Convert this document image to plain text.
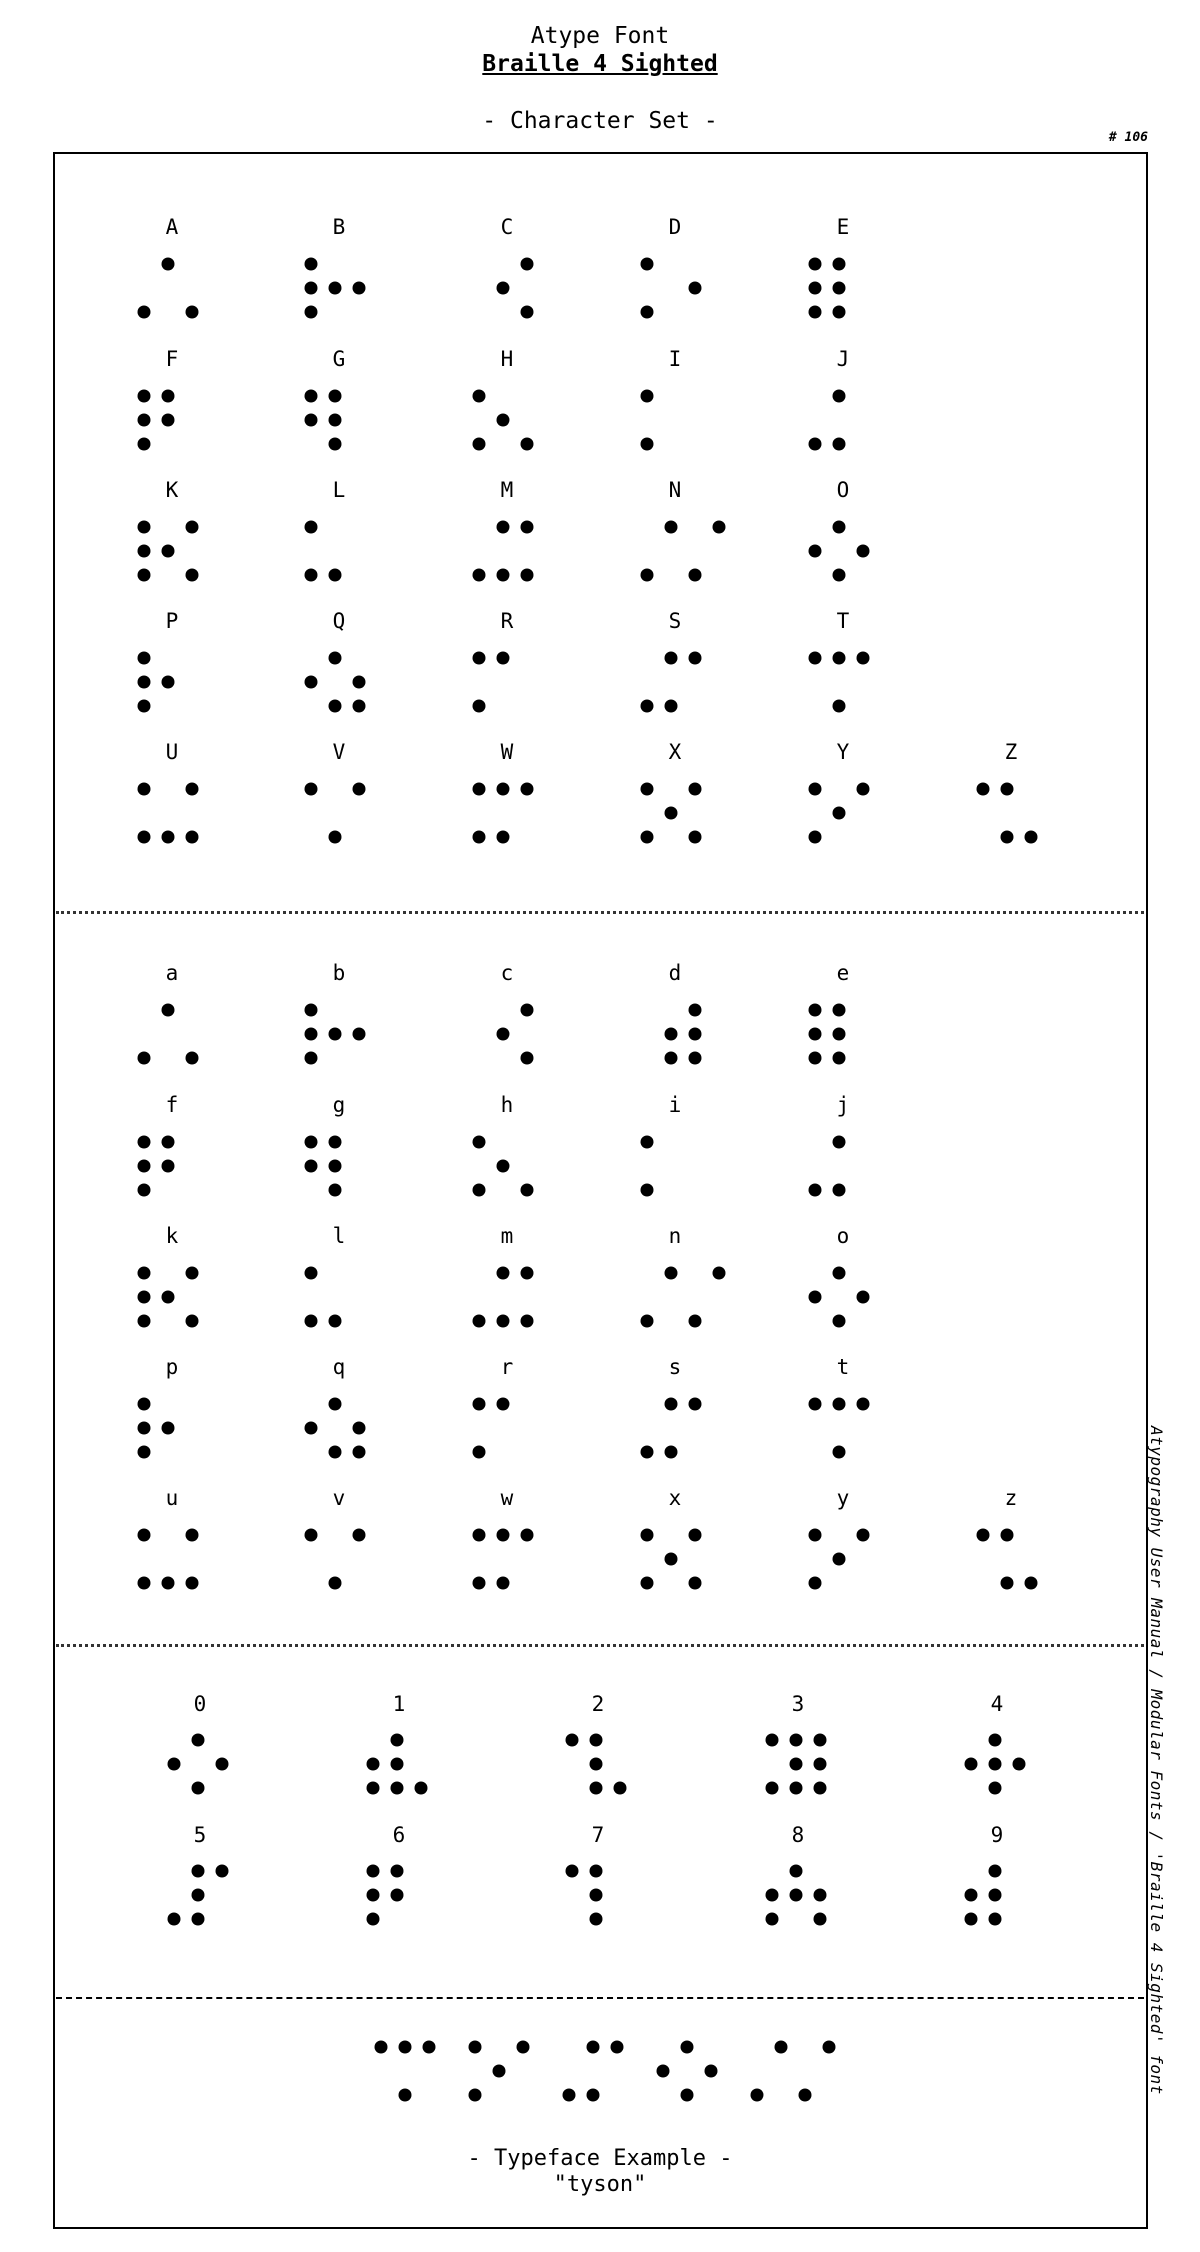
Atype Font
Braille 4 Sighted
- Character Set -
# 106
A	B	C	D	E
F	G	H	I	J
K	L	M	N	O
P	Q	R	S	T
U	V	W	X	Y	Z
a	b	c	d	e
f	g	h	i	j
k	l	m	n	o
p	q	r	s	t
u	v	w	x	y	z
0	1	2	3	4
5	6	7	8	9	Atypography User Manual / Modular Fonts / 'Braille 4 Sighted' font
- Typeface Example -
"tyson"
